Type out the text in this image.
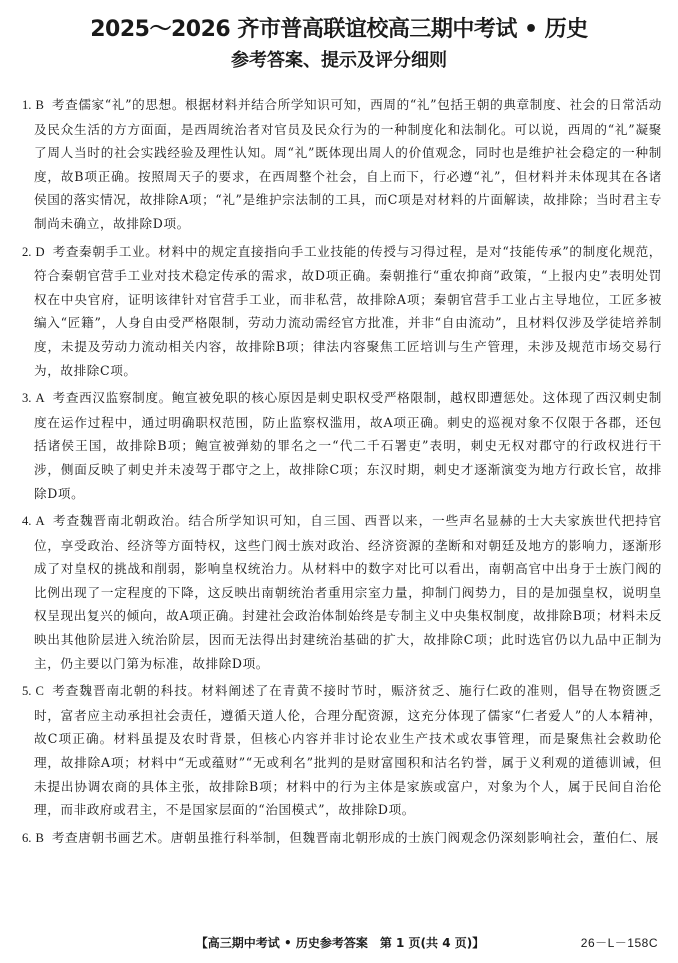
2025～2026 齐市普高联谊校高三期中考试 • 历史
参考答案、提示及评分细则

1. B 考查儒家“礼”的思想。根据材料并结合所学知识可知，西周的“礼”包括王朝的典章制度、社会的日常活动及民众生活的方方面面，是西周统治者对官员及民众行为的一种制度化和法制化。可以说，西周的“礼”凝聚了周人当时的社会实践经验及理性认知。周“礼”既体现出周人的价值观念，同时也是维护社会稳定的一种制度，故B项正确。按照周天子的要求，在西周整个社会，自上而下，行必遵“礼”，但材料并未体现其在各诸侯国的落实情况，故排除A项；“礼”是维护宗法制的工具，而C项是对材料的片面解读，故排除；当时君主专制尚未确立，故排除D项。

2. D 考查秦朝手工业。材料中的规定直接指向手工业技能的传授与习得过程，是对“技能传承”的制度化规范，符合秦朝官营手工业对技术稳定传承的需求，故D项正确。秦朝推行“重农抑商”政策，“上报内史”表明处罚权在中央官府，证明该律针对官营手工业，而非私营，故排除A项；秦朝官营手工业占主导地位，工匠多被编入“匠籍”，人身自由受严格限制，劳动力流动需经官方批准，并非“自由流动”，且材料仅涉及学徒培养制度，未提及劳动力流动相关内容，故排除B项；律法内容聚焦工匠培训与生产管理，未涉及规范市场交易行为，故排除C项。

3. A 考查西汉监察制度。鲍宣被免职的核心原因是刺史职权受严格限制，越权即遭惩处。这体现了西汉刺史制度在运作过程中，通过明确职权范围，防止监察权滥用，故A项正确。刺史的巡视对象不仅限于各郡，还包括诸侯王国，故排除B项；鲍宣被弹劾的罪名之一“代二千石署吏”表明，刺史无权对郡守的行政权进行干涉，侧面反映了刺史并未凌驾于郡守之上，故排除C项；东汉时期，刺史才逐渐演变为地方行政长官，故排除D项。

4. A 考查魏晋南北朝政治。结合所学知识可知，自三国、西晋以来，一些声名显赫的士大夫家族世代把持官位，享受政治、经济等方面特权，这些门阀士族对政治、经济资源的垄断和对朝廷及地方的影响力，逐渐形成了对皇权的挑战和削弱，影响皇权统治力。从材料中的数字对比可以看出，南朝高官中出身于士族门阀的比例出现了一定程度的下降，这反映出南朝统治者重用宗室力量，抑制门阀势力，目的是加强皇权，说明皇权呈现出复兴的倾向，故A项正确。封建社会政治体制始终是专制主义中央集权制度，故排除B项；材料未反映出其他阶层进入统治阶层，因而无法得出封建统治基础的扩大，故排除C项；此时选官仍以九品中正制为主，仍主要以门第为标准，故排除D项。

5. C 考查魏晋南北朝的科技。材料阐述了在青黄不接时节时，赈济贫乏、施行仁政的准则，倡导在物资匮乏时，富者应主动承担社会责任，遵循天道人伦，合理分配资源，这充分体现了儒家“仁者爱人”的人本精神，故C项正确。材料虽提及农时背景，但核心内容并非讨论农业生产技术或农事管理，而是聚焦社会救助伦理，故排除A项；材料中“无或蕴财”“无或利名”批判的是财富囤积和沽名钓誉，属于义利观的道德训诫，但未提出协调农商的具体主张，故排除B项；材料中的行为主体是家族或富户，对象为个人，属于民间自治伦理，而非政府或君主，不是国家层面的“治国模式”，故排除D项。

6. B 考查唐朝书画艺术。唐朝虽推行科举制，但魏晋南北朝形成的士族门阀观念仍深刻影响社会，董伯仁、展

【高三期中考试 • 历史参考答案　第 1 页(共 4 页)】	26－L－158C
